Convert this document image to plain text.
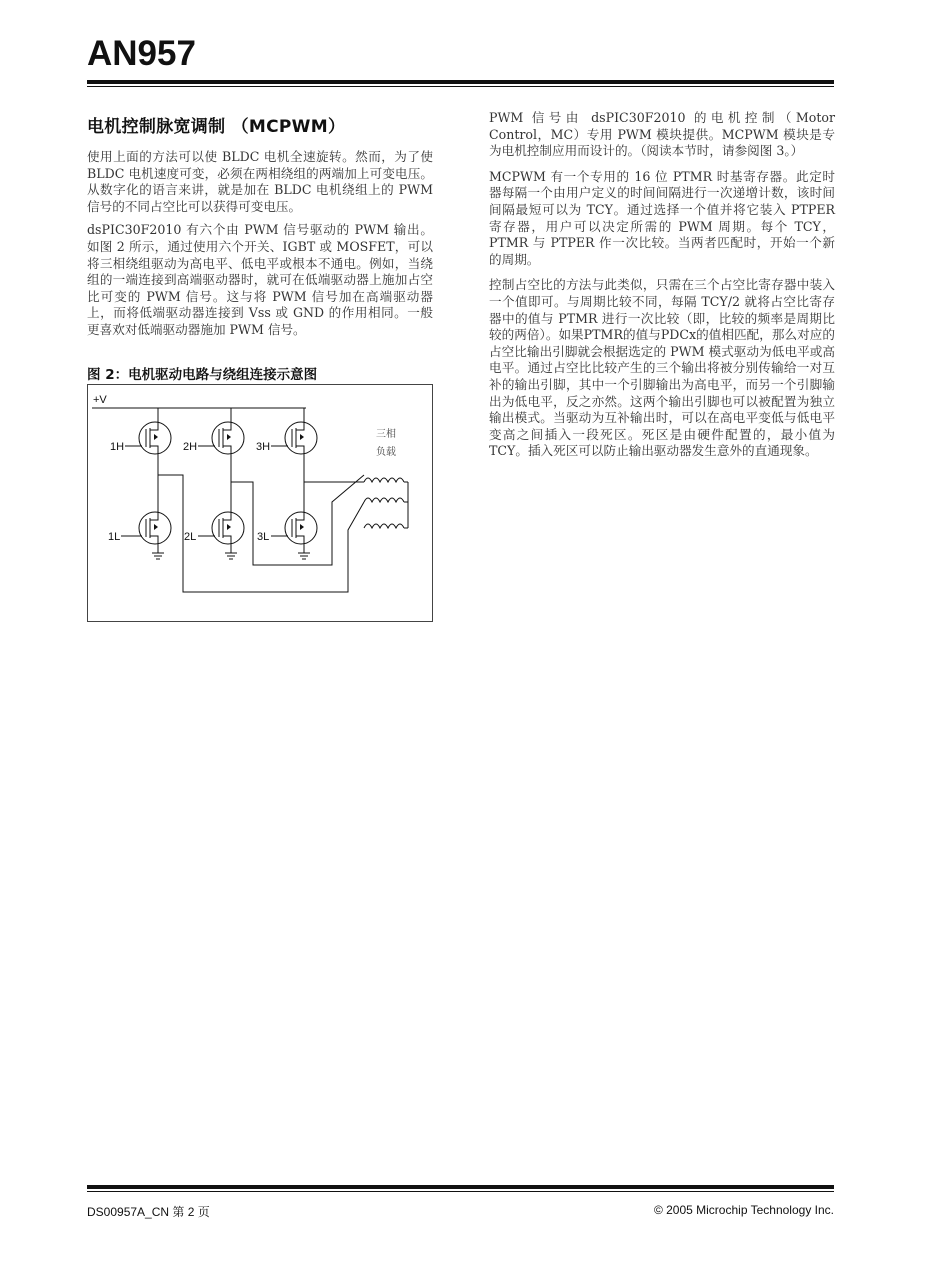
AN957
电机控制脉宽调制 （MCPWM）

使用上面的方法可以使 BLDC 电机全速旋转。然而，为了使 BLDC 电机速度可变，必须在两相绕组的两端加上可变电压。从数字化的语言来讲，就是加在 BLDC 电机绕组上的 PWM 信号的不同占空比可以获得可变电压。

dsPIC30F2010 有六个由 PWM 信号驱动的 PWM 输出。如图 2 所示，通过使用六个开关、IGBT 或 MOSFET，可以将三相绕组驱动为高电平、低电平或根本不通电。例如，当绕组的一端连接到高端驱动器时，就可在低端驱动器上施加占空比可变的 PWM 信号。这与将 PWM 信号加在高端驱动器上，而将低端驱动器连接到 Vss 或 GND 的作用相同。一般更喜欢对低端驱动器施加 PWM 信号。

图 2：电机驱动电路与绕组连接示意图
+V
1H	2H	3H
1L	2L	3L
三相
负载

PWM 信号由 dsPIC30F2010 的电机控制（Motor Control，MC）专用 PWM 模块提供。MCPWM 模块是专为电机控制应用而设计的。（阅读本节时，请参阅图 3。）

MCPWM 有一个专用的 16 位 PTMR 时基寄存器。此定时器每隔一个由用户定义的时间间隔进行一次递增计数，该时间间隔最短可以为 TCY。通过选择一个值并将它装入 PTPER 寄存器，用户可以决定所需的 PWM 周期。每个 TCY，PTMR 与 PTPER 作一次比较。当两者匹配时，开始一个新的周期。

控制占空比的方法与此类似，只需在三个占空比寄存器中装入一个值即可。与周期比较不同，每隔 TCY/2 就将占空比寄存器中的值与 PTMR 进行一次比较（即，比较的频率是周期比较的两倍）。如果PTMR的值与PDCx的值相匹配，那么对应的占空比输出引脚就会根据选定的 PWM 模式驱动为低电平或高电平。通过占空比比较产生的三个输出将被分别传输给一对互补的输出引脚，其中一个引脚输出为高电平，而另一个引脚输出为低电平，反之亦然。这两个输出引脚也可以被配置为独立输出模式。当驱动为互补输出时，可以在高电平变低与低电平变高之间插入一段死区。死区是由硬件配置的，最小值为 TCY。插入死区可以防止输出驱动器发生意外的直通现象。

DS00957A_CN 第 2 页	© 2005 Microchip Technology Inc.
